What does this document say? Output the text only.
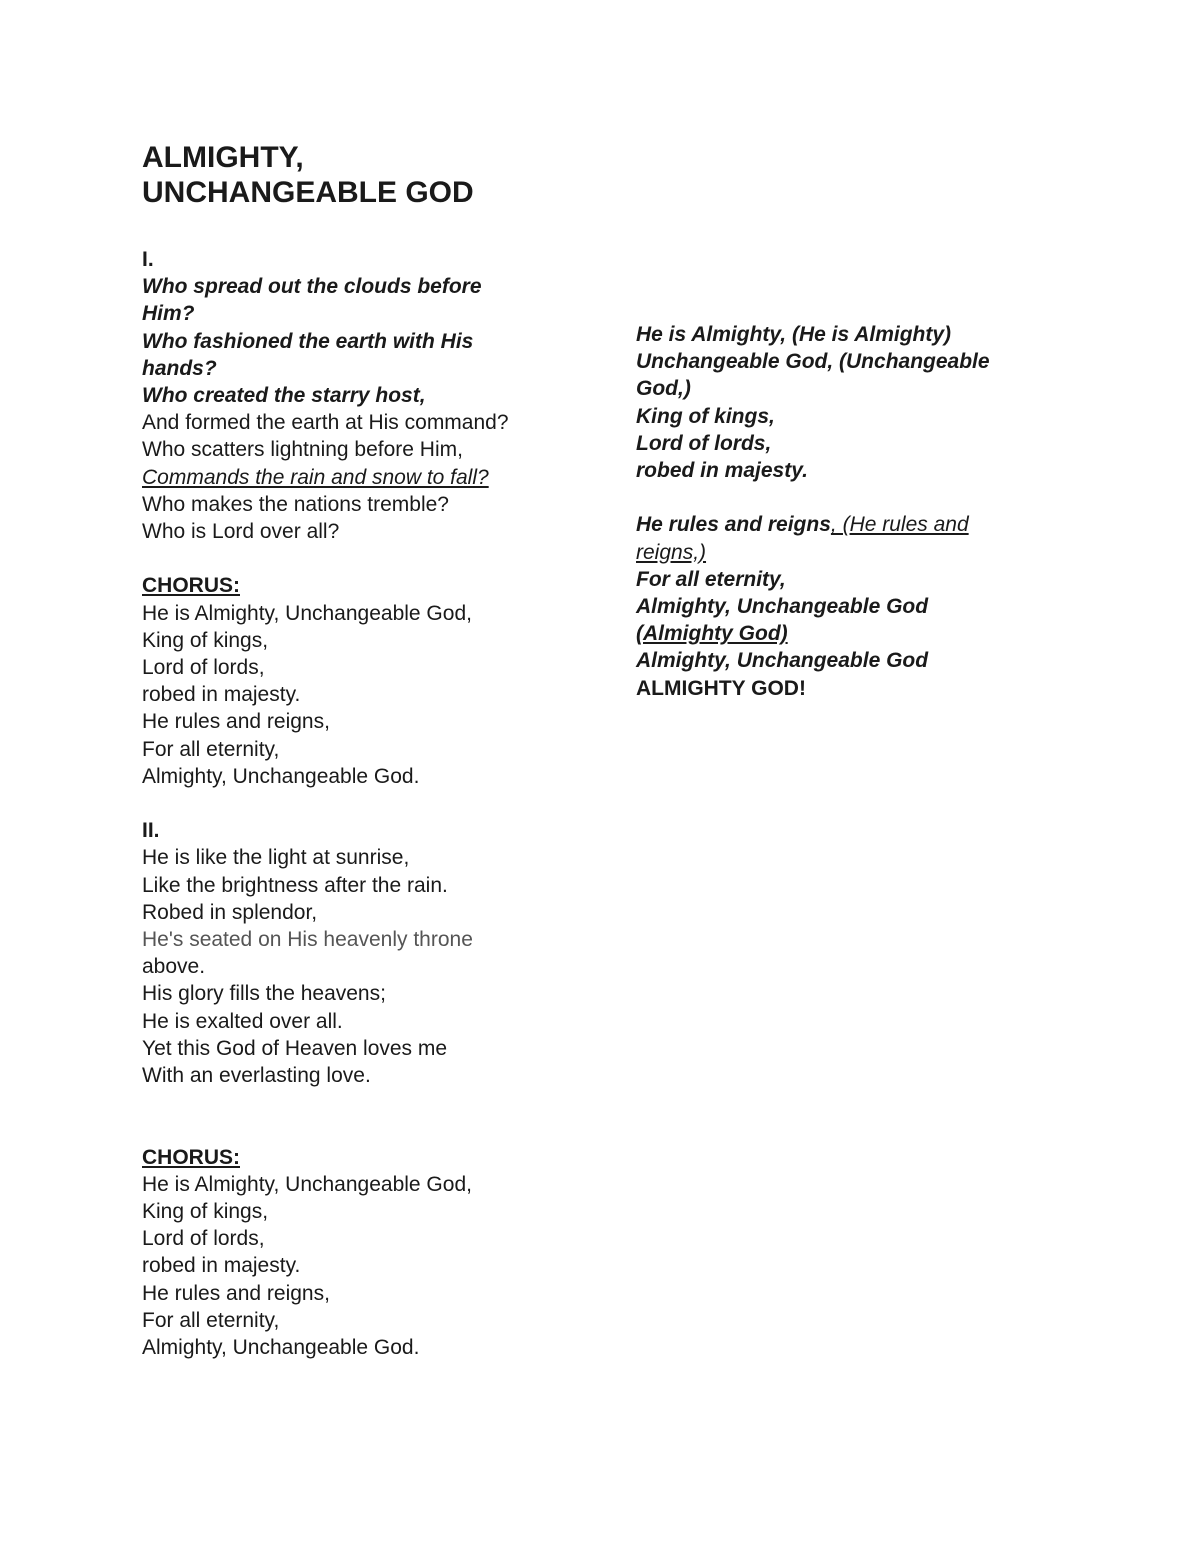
ALMIGHTY,
UNCHANGEABLE GOD
I.
Who spread out the clouds before
Him?
Who fashioned the earth with His
hands?
Who created the starry host,
And formed the earth at His command?
Who scatters lightning before Him,
Commands the rain and snow to fall?
Who makes the nations tremble?
Who is Lord over all?
CHORUS:
He is Almighty, Unchangeable God,
King of kings,
Lord of lords,
robed in majesty.
He rules and reigns,
For all eternity,
Almighty, Unchangeable God.
II.
He is like the light at sunrise,
Like the brightness after the rain.
Robed in splendor,
He's seated on His heavenly throne
above.
His glory fills the heavens;
He is exalted over all.
Yet this God of Heaven loves me
With an everlasting love.
CHORUS:
He is Almighty, Unchangeable God,
King of kings,
Lord of lords,
robed in majesty.
He rules and reigns,
For all eternity,
Almighty, Unchangeable God.
He is Almighty, (He is Almighty)
Unchangeable God, (Unchangeable
God,)
King of kings,
Lord of lords,
robed in majesty.
He rules and reigns, (He rules and
reigns,)
For all eternity,
Almighty, Unchangeable God
(Almighty God)
Almighty, Unchangeable God
ALMIGHTY GOD!
